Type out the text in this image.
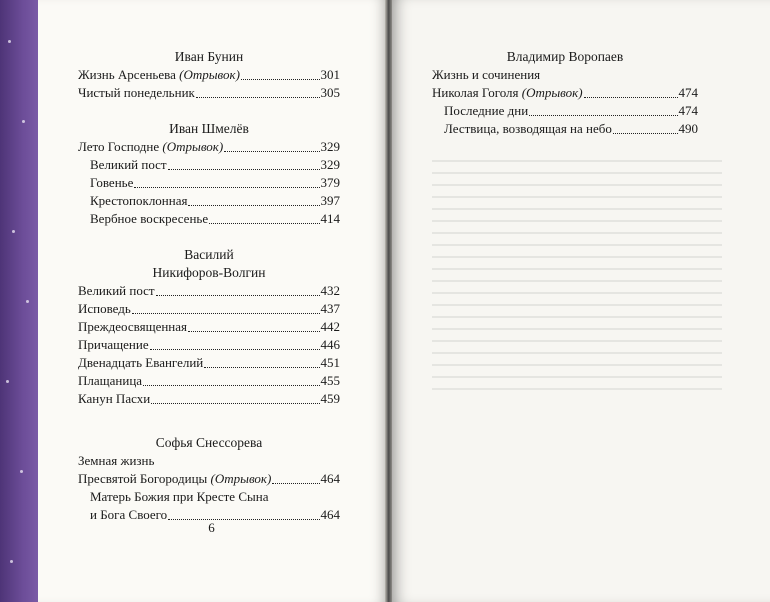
Иван Бунин

Жизнь Арсеньева (Отрывок)	301
Чистый понедельник	305

Иван Шмелёв

Лето Господне (Отрывок)	329
Великий пост	329
Говенье	379
Крестопоклонная	397
Вербное воскресенье	414

Василий

Никифоров-Волгин

Великий пост	432
Исповедь	437
Преждеосвященная	442
Причащение	446
Двенадцать Евангелий	451
Плащаница	455
Канун Пасхи	459

Софья Снессорева

Земная жизнь

Пресвятой Богородицы (Отрывок)	464

Матерь Божия при Кресте Сына

и Бога Своего	464
6

Владимир Воропаев

Жизнь и сочинения

Николая Гоголя (Отрывок)	474
Последние дни	474
Лествица, возводящая на небо	490
